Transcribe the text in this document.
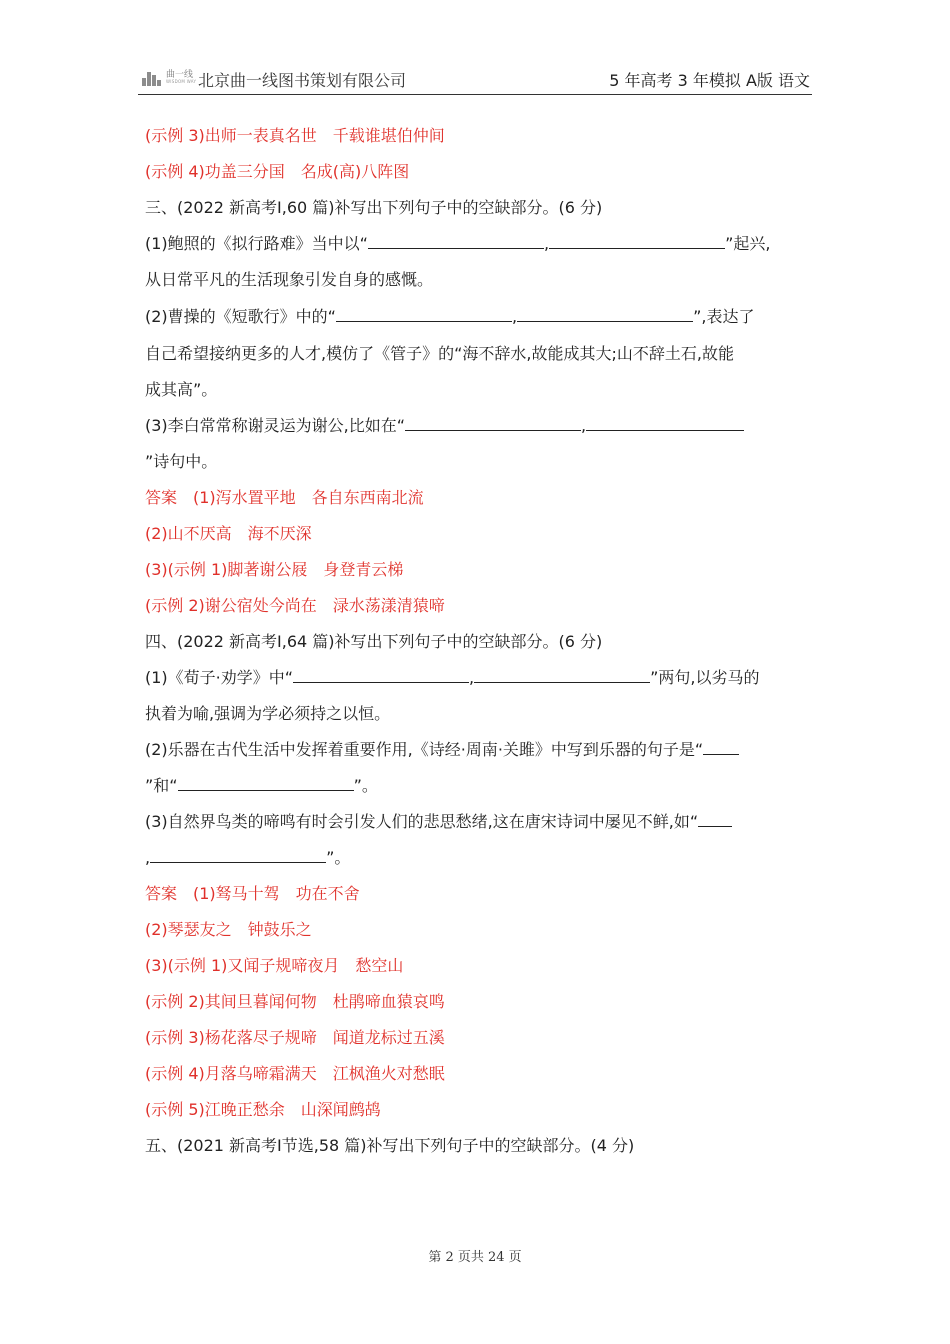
曲一线
WISDOM WAY 北京曲一线图书策划有限公司	5 年高考 3 年模拟 A版 语文
(示例 3)出师一表真名世　千载谁堪伯仲间
(示例 4)功盖三分国　名成(高)八阵图
三、(2022 新高考Ⅰ,60 篇)补写出下列句子中的空缺部分。(6 分)
(1)鲍照的《拟行路难》当中以“	,	”起兴,
从日常平凡的生活现象引发自身的感慨。
(2)曹操的《短歌行》中的“	,	”,表达了
自己希望接纳更多的人才,模仿了《管子》的“海不辞水,故能成其大;山不辞土石,故能
成其高”。
(3)李白常常称谢灵运为谢公,比如在“	,
”诗句中。
答案　(1)泻水置平地　各自东西南北流
(2)山不厌高　海不厌深
(3)(示例 1)脚著谢公屐　身登青云梯
(示例 2)谢公宿处今尚在　渌水荡漾清猿啼
四、(2022 新高考Ⅰ,64 篇)补写出下列句子中的空缺部分。(6 分)
(1)《荀子·劝学》中“	,	”两句,以劣马的
执着为喻,强调为学必须持之以恒。
(2)乐器在古代生活中发挥着重要作用,《诗经·周南·关雎》中写到乐器的句子是“
”和“	”。
(3)自然界鸟类的啼鸣有时会引发人们的悲思愁绪,这在唐宋诗词中屡见不鲜,如“
,	”。
答案　(1)驽马十驾　功在不舍
(2)琴瑟友之　钟鼓乐之
(3)(示例 1)又闻子规啼夜月　愁空山
(示例 2)其间旦暮闻何物　杜鹃啼血猿哀鸣
(示例 3)杨花落尽子规啼　闻道龙标过五溪
(示例 4)月落乌啼霜满天　江枫渔火对愁眠
(示例 5)江晚正愁余　山深闻鹧鸪
五、(2021 新高考Ⅰ节选,58 篇)补写出下列句子中的空缺部分。(4 分)
第 2 页共 24 页
